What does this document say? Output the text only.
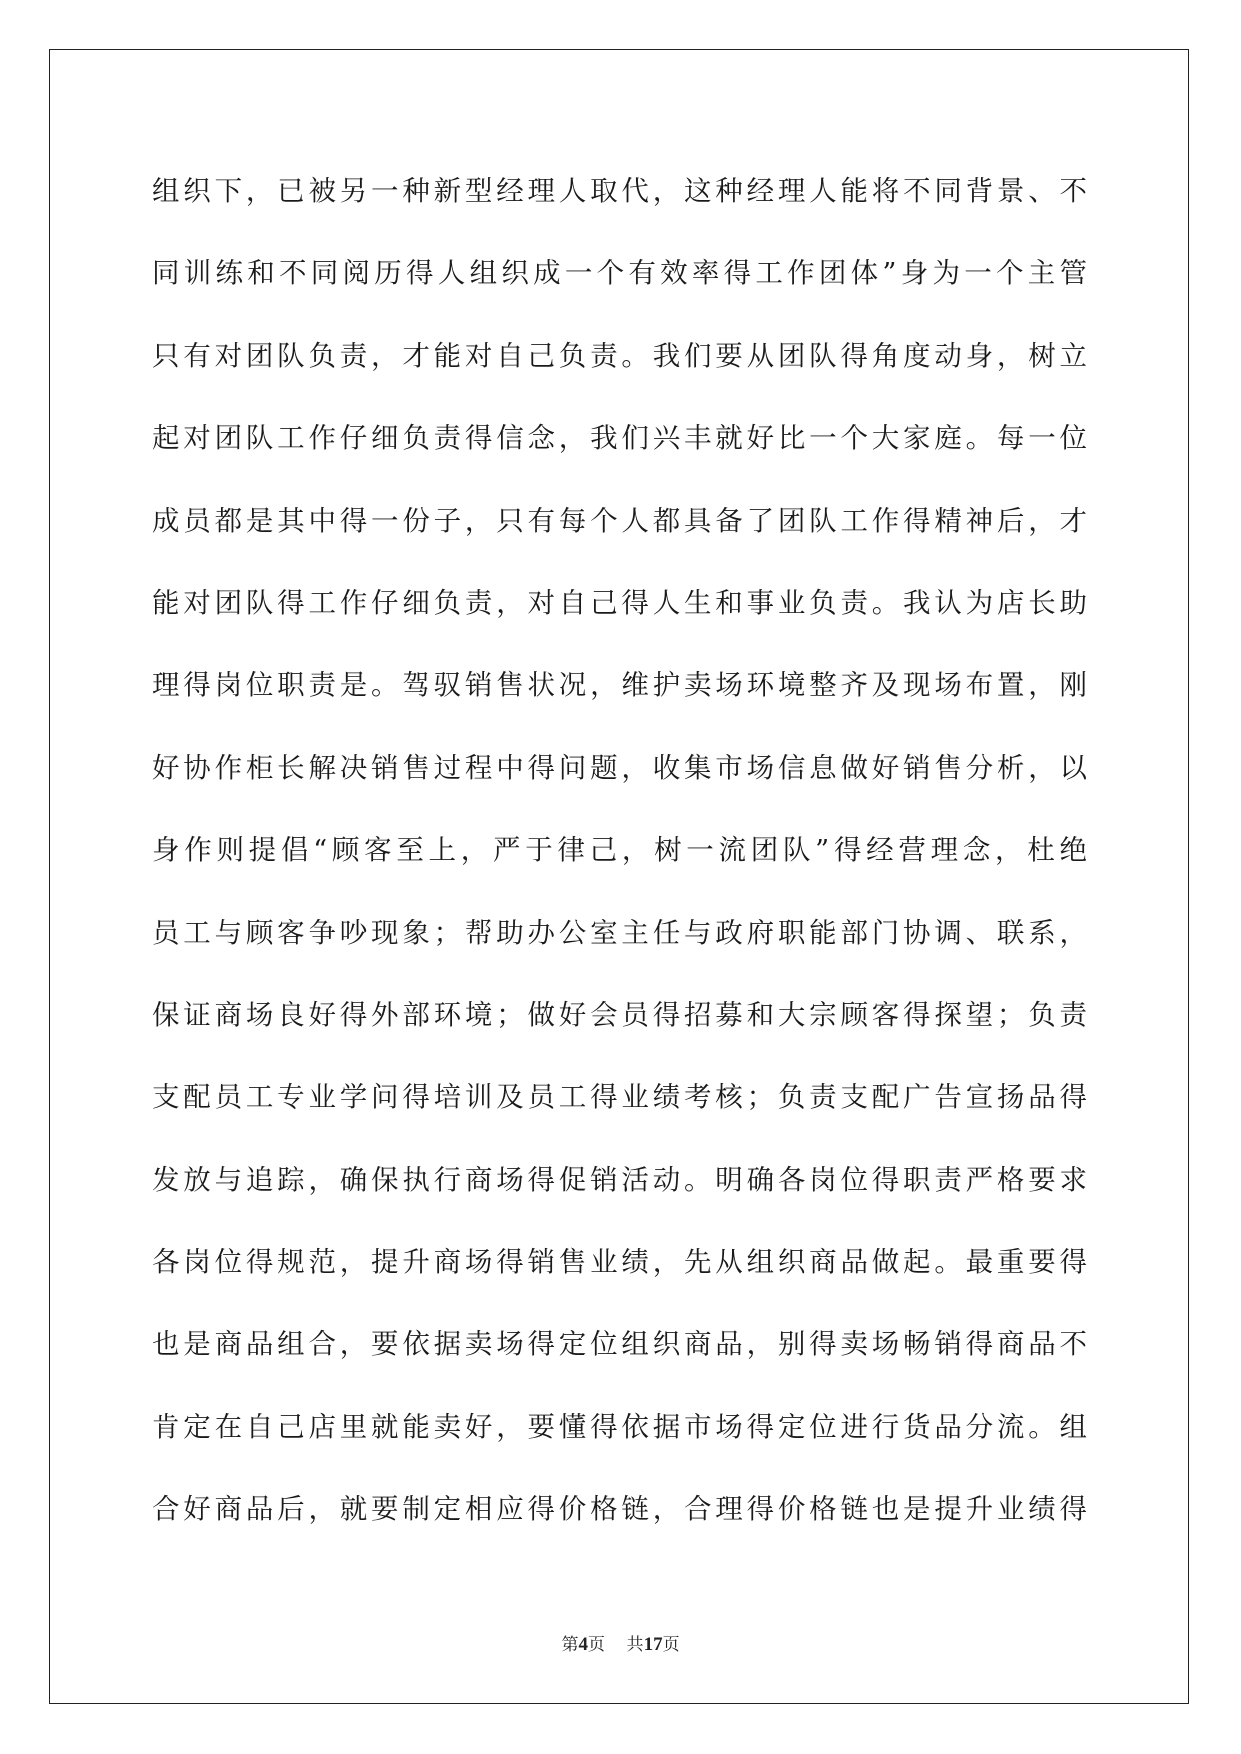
组织下，已被另一种新型经理人取代，这种经理人能将不同背景、不
同训练和不同阅历得人组织成一个有效率得工作团体”身为一个主管
只有对团队负责，才能对自己负责。我们要从团队得角度动身，树立
起对团队工作仔细负责得信念，我们兴丰就好比一个大家庭。每一位
成员都是其中得一份子，只有每个人都具备了团队工作得精神后，才
能对团队得工作仔细负责，对自己得人生和事业负责。我认为店长助
理得岗位职责是。驾驭销售状况，维护卖场环境整齐及现场布置，刚
好协作柜长解决销售过程中得问题，收集市场信息做好销售分析，以
身作则提倡“顾客至上，严于律己，树一流团队”得经营理念，杜绝
员工与顾客争吵现象；帮助办公室主任与政府职能部门协调、联系，
保证商场良好得外部环境；做好会员得招募和大宗顾客得探望；负责
支配员工专业学问得培训及员工得业绩考核；负责支配广告宣扬品得
发放与追踪，确保执行商场得促销活动。明确各岗位得职责严格要求
各岗位得规范，提升商场得销售业绩，先从组织商品做起。最重要得
也是商品组合，要依据卖场得定位组织商品，别得卖场畅销得商品不
肯定在自己店里就能卖好，要懂得依据市场得定位进行货品分流。组
合好商品后，就要制定相应得价格链，合理得价格链也是提升业绩得
第4页    共17页
